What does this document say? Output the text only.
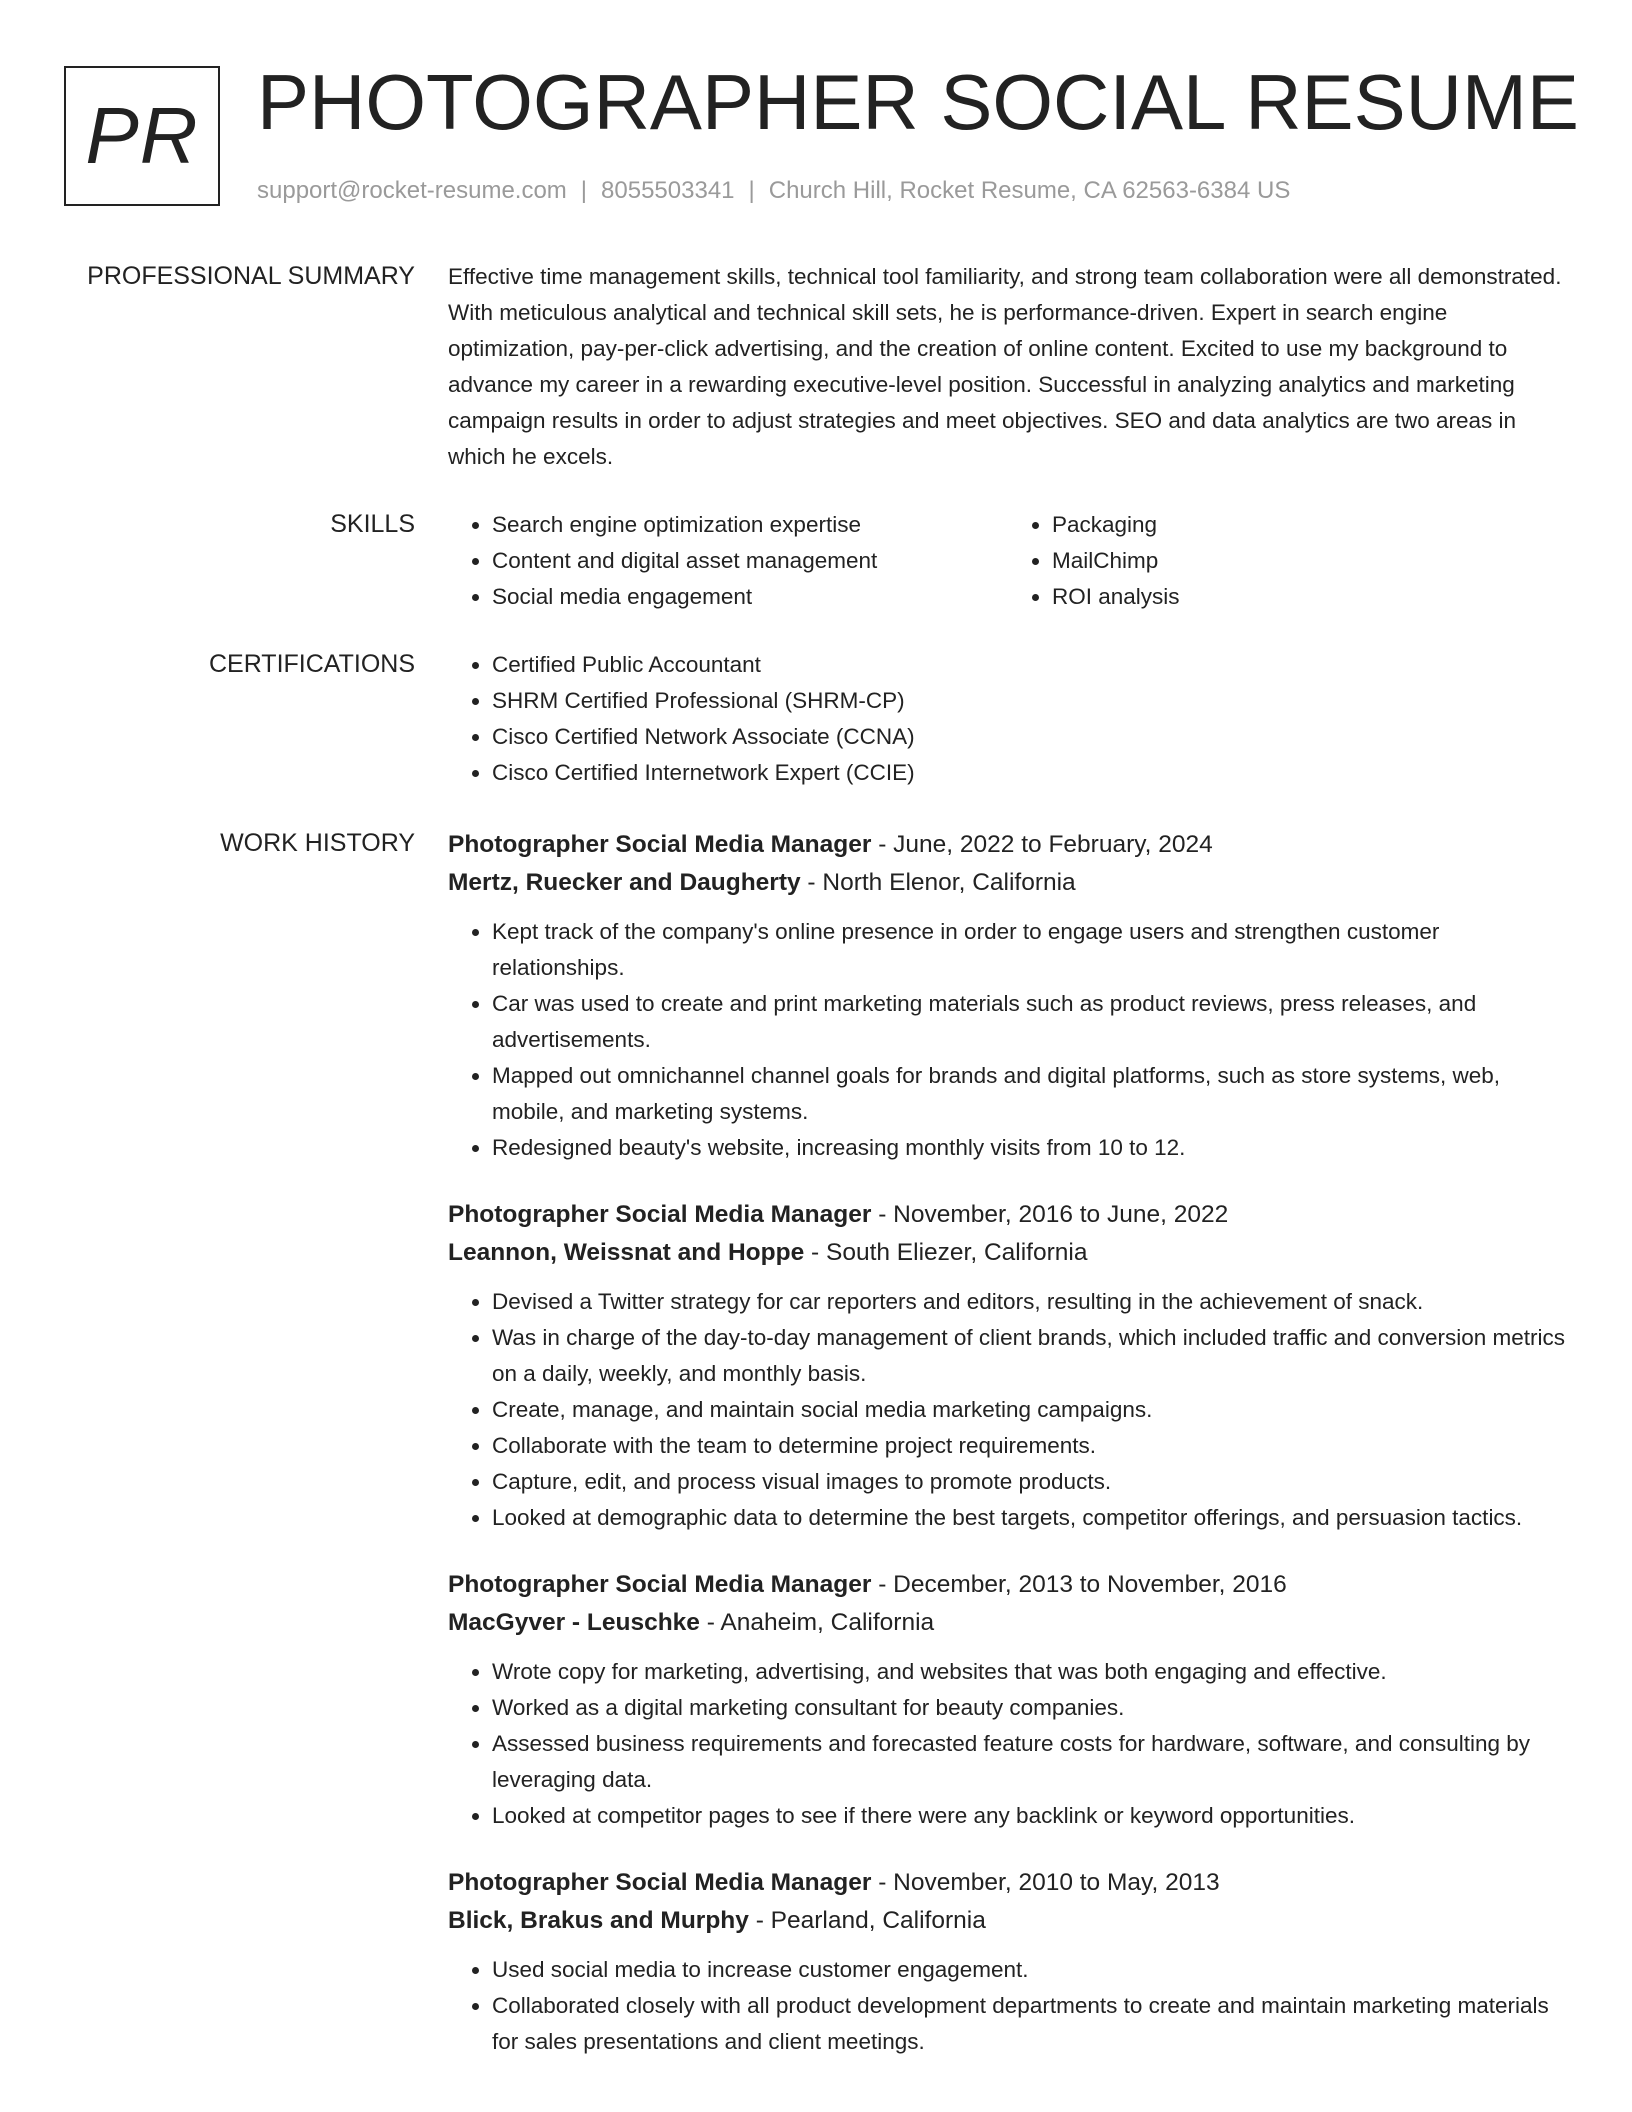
PR PHOTOGRAPHER SOCIAL RESUME
support@rocket-resume.com | 8055503341 | Church Hill, Rocket Resume, CA 62563-6384 US
PROFESSIONAL SUMMARY Effective time management skills, technical tool familiarity, and strong team collaboration were all demonstrated. With meticulous analytical and technical skill sets, he is performance-driven. Expert in search engine optimization, pay-per-click advertising, and the creation of online content. Excited to use my background to advance my career in a rewarding executive-level position. Successful in analyzing analytics and marketing campaign results in order to adjust strategies and meet objectives. SEO and data analytics are two areas in which he excels.

SKILLS	• Search engine optimization expertise
• Content and digital asset management
• Social media engagement
• Packaging
• MailChimp
• ROI analysis
CERTIFICATIONS	• Certified Public Accountant
• SHRM Certified Professional (SHRM-CP)
• Cisco Certified Network Associate (CCNA)
• Cisco Certified Internetwork Expert (CCIE)
WORK HISTORY Photographer Social Media Manager - June, 2022 to February, 2024
Mertz, Ruecker and Daugherty - North Elenor, California
• Kept track of the company's online presence in order to engage users and strengthen customer relationships.
• Car was used to create and print marketing materials such as product reviews, press releases, and advertisements.
• Mapped out omnichannel channel goals for brands and digital platforms, such as store systems, web, mobile, and marketing systems.
• Redesigned beauty's website, increasing monthly visits from 10 to 12.
Photographer Social Media Manager - November, 2016 to June, 2022
Leannon, Weissnat and Hoppe - South Eliezer, California
• Devised a Twitter strategy for car reporters and editors, resulting in the achievement of snack.
• Was in charge of the day-to-day management of client brands, which included traffic and conversion metrics on a daily, weekly, and monthly basis.
• Create, manage, and maintain social media marketing campaigns.
• Collaborate with the team to determine project requirements.
• Capture, edit, and process visual images to promote products.
• Looked at demographic data to determine the best targets, competitor offerings, and persuasion tactics.
Photographer Social Media Manager - December, 2013 to November, 2016
MacGyver - Leuschke - Anaheim, California
• Wrote copy for marketing, advertising, and websites that was both engaging and effective.
• Worked as a digital marketing consultant for beauty companies.
• Assessed business requirements and forecasted feature costs for hardware, software, and consulting by leveraging data.
• Looked at competitor pages to see if there were any backlink or keyword opportunities.
Photographer Social Media Manager - November, 2010 to May, 2013
Blick, Brakus and Murphy - Pearland, California
• Used social media to increase customer engagement.
• Collaborated closely with all product development departments to create and maintain marketing materials for sales presentations and client meetings.
